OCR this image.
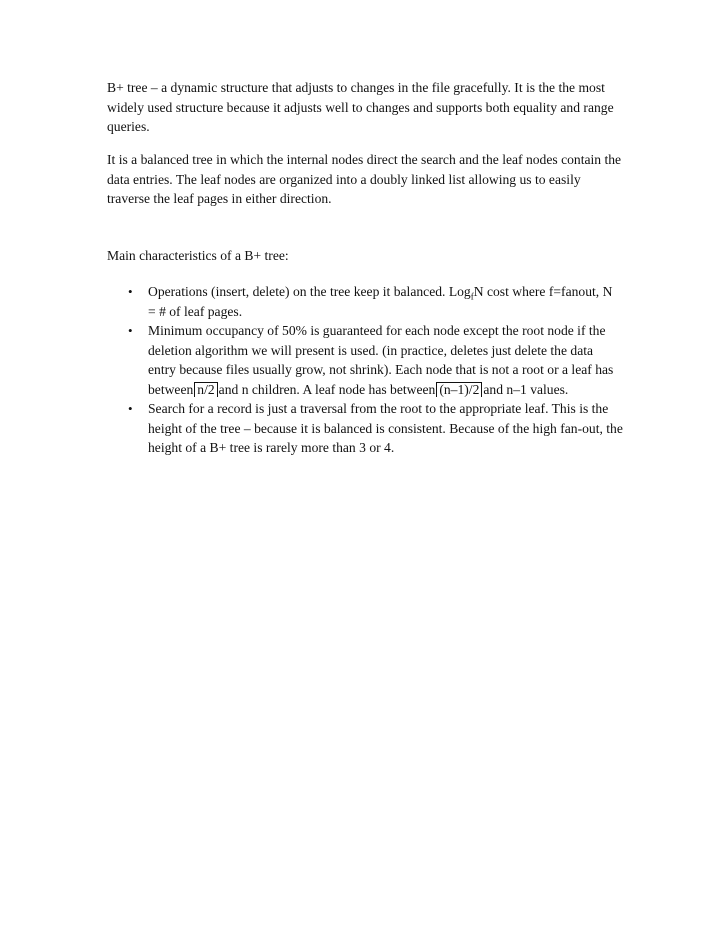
B+ tree – a dynamic structure that adjusts to changes in the file gracefully. It is the the most widely used structure because it adjusts well to changes and supports both equality and range queries.

It is a balanced tree in which the internal nodes direct the search and the leaf nodes contain the data entries. The leaf nodes are organized into a doubly linked list allowing us to easily traverse the leaf pages in either direction.

Main characteristics of a B+ tree:

• Operations (insert, delete) on the tree keep it balanced. Log$_f$N cost where f=fanout, N = # of leaf pages.
• Minimum occupancy of 50% is guaranteed for each node except the root node if the deletion algorithm we will present is used. (in practice, deletes just delete the data entry because files usually grow, not shrink). Each node that is not a root or a leaf has between n/2 and n children. A leaf node has between (n–1)/2 and n–1 values.
• Search for a record is just a traversal from the root to the appropriate leaf. This is the height of the tree – because it is balanced is consistent. Because of the high fan-out, the height of a B+ tree is rarely more than 3 or 4.
